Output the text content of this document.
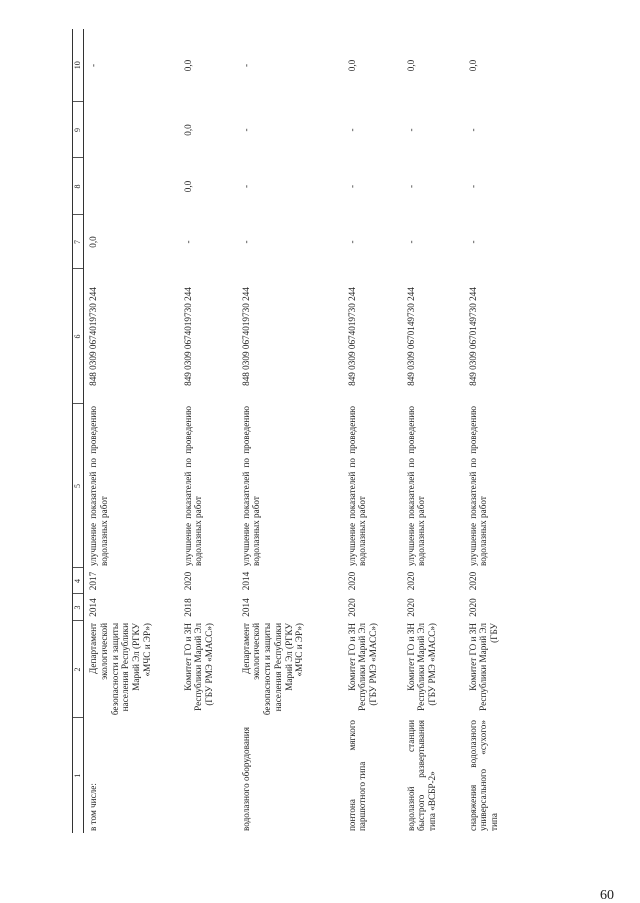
60
1	2	3	4	5	6	7	8	9	10
в том числе:	Департамент экологической безопасности и защиты населения Республики Марий Эл (РГКУ «МЧС и ЭР»)	2014	2017	улучшение показателей по проведению водолазных работ	848 0309 0674019730 244	0,0			-
	Комитет ГО и ЗН Республики Марий Эл (ГБУ РМЭ «МАСС»)	2018	2020	улучшение показателей по проведению водолазных работ	849 0309 0674019730 244	-	0,0	0,0	0,0
водолазного оборудования	Департамент экологической безопасности и защиты населения Республики Марий Эл (РГКУ «МЧС и ЭР»)	2014	2014	улучшение показателей по проведению водолазных работ	848 0309 0674019730 244	-	-	-	-
понтона мягкого паршютного типа	Комитет ГО и ЗН Республики Марий Эл (ГБУ РМЭ «МАСС»)	2020	2020	улучшение показателей по проведению водолазных работ	849 0309 0674019730 244	-	-	-	0,0
водолазной станции быстрого развертывания типа «ВСБР-2»	Комитет ГО и ЗН Республики Марий Эл (ГБУ РМЭ «МАСС»)	2020	2020	улучшение показателей по проведению водолазных работ	849 0309 0670149730 244	-	-	-	0,0
снаряжения водолазного универсального «сухого» типа	Комитет ГО и ЗН Республики Марий Эл (ГБУ	2020	2020	улучшение показателей по проведению водолазных работ	849 0309 0670149730 244	-	-	-	0,0
